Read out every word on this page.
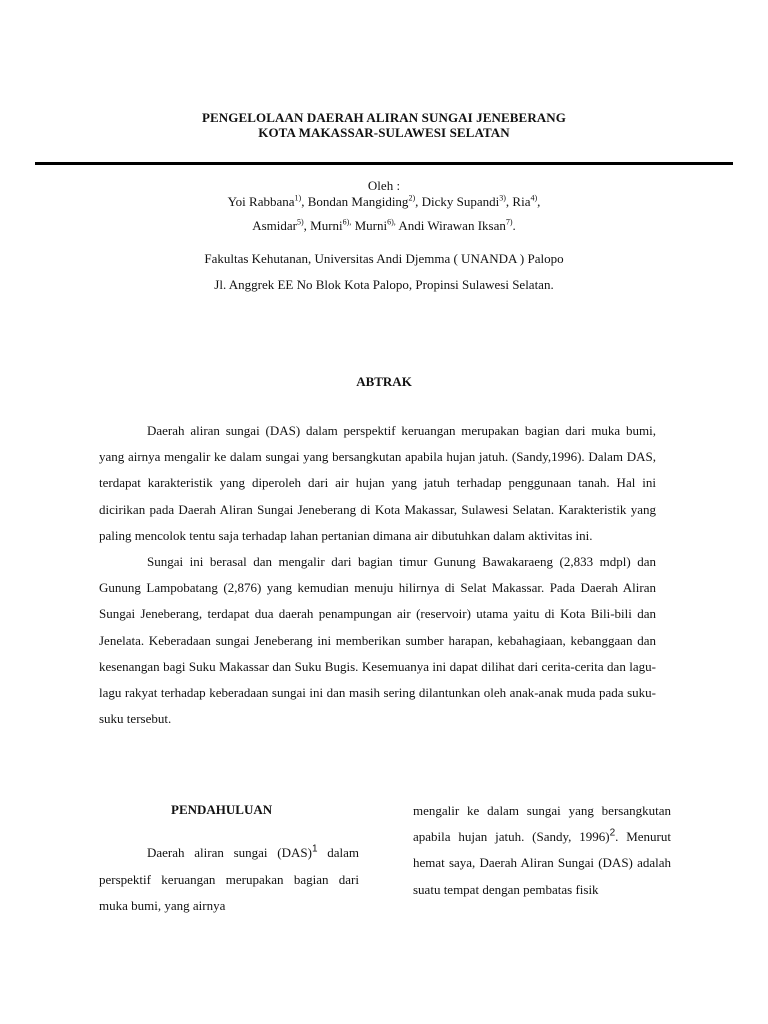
PENGELOLAAN DAERAH ALIRAN SUNGAI JENEBERANG
KOTA MAKASSAR-SULAWESI SELATAN
Oleh :
Yoi Rabbana$^{1)}$, Bondan Mangiding$^{2)}$, Dicky Supandi$^{3)}$, Ria$^{4)}$,
Asmidar$^{5)}$, Murni$^{6),}$ Murni$^{6),}$ Andi Wirawan Iksan$^{7)}$.
Fakultas Kehutanan, Universitas Andi Djemma ( UNANDA ) Palopo
Jl. Anggrek EE No Blok Kota Palopo, Propinsi Sulawesi Selatan.
ABTRAK

Daerah aliran sungai (DAS) dalam perspektif keruangan merupakan bagian dari muka bumi, yang airnya mengalir ke dalam sungai yang bersangkutan apabila hujan jatuh. (Sandy,1996). Dalam DAS, terdapat karakteristik yang diperoleh dari air hujan yang jatuh terhadap penggunaan tanah. Hal ini dicirikan pada Daerah Aliran Sungai Jeneberang di Kota Makassar, Sulawesi Selatan. Karakteristik yang paling mencolok tentu saja terhadap lahan pertanian dimana air dibutuhkan dalam aktivitas ini.

Sungai ini berasal dan mengalir dari bagian timur Gunung Bawakaraeng (2,833 mdpl) dan Gunung Lampobatang (2,876) yang kemudian menuju hilirnya di Selat Makassar. Pada Daerah Aliran Sungai Jeneberang, terdapat dua daerah penampungan air (reservoir) utama yaitu di Kota Bili-bili dan Jenelata. Keberadaan sungai Jeneberang ini memberikan sumber harapan, kebahagiaan, kebanggaan dan kesenangan bagi Suku Makassar dan Suku Bugis. Kesemuanya ini dapat dilihat dari cerita-cerita dan lagu-lagu rakyat terhadap keberadaan sungai ini dan masih sering dilantunkan oleh anak-anak muda pada suku- suku tersebut.

PENDAHULUAN

Daerah aliran sungai (DAS)$^1$ dalam perspektif keruangan merupakan bagian dari muka bumi, yang airnya

mengalir ke dalam sungai yang bersangkutan apabila hujan jatuh. (Sandy, 1996)$^2$. Menurut hemat saya, Daerah Aliran Sungai (DAS) adalah suatu tempat dengan pembatas fisik
